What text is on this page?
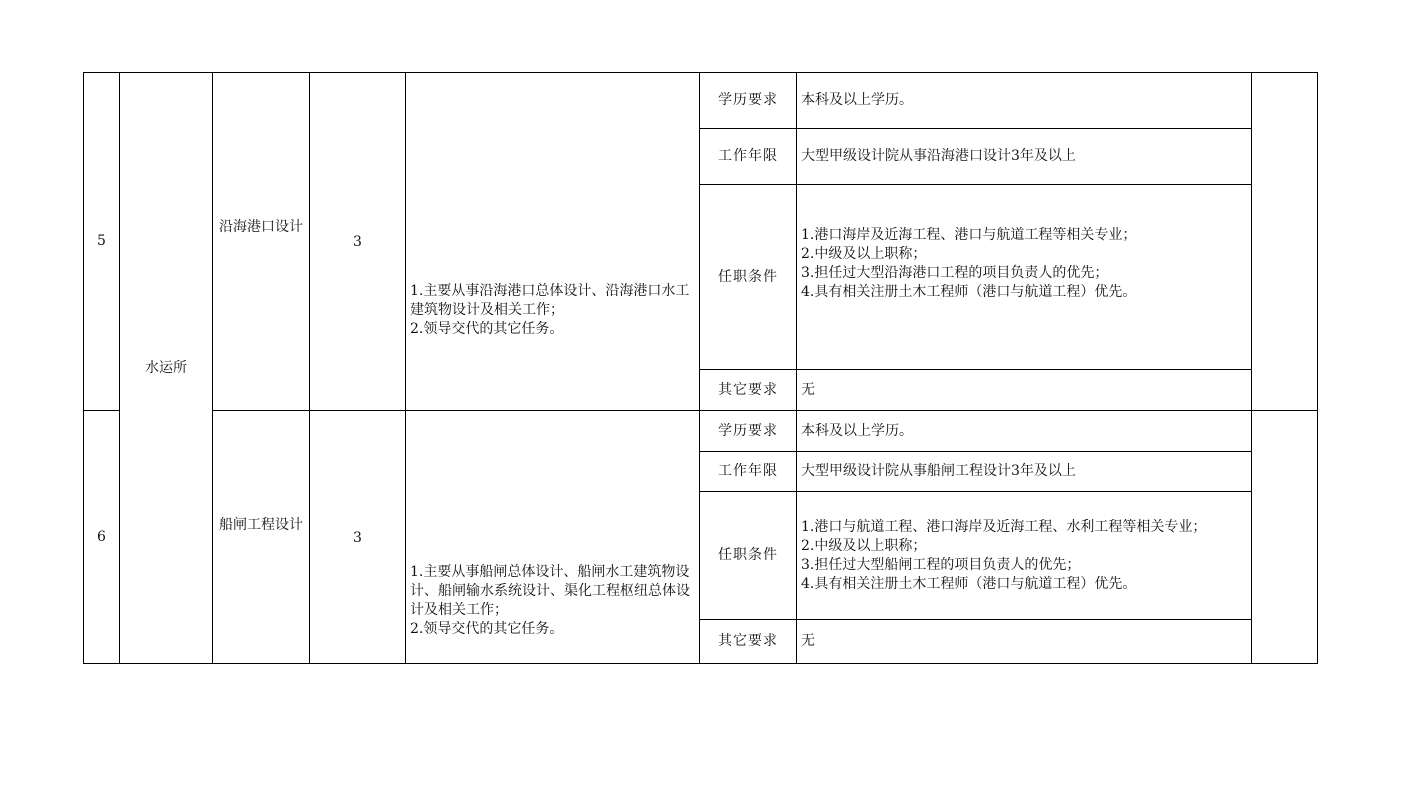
5	水运所	沿海港口设计	3	1.主要从事沿海港口总体设计、沿海港口水工建筑物设计及相关工作；
2.领导交代的其它任务。	学历要求	本科及以上学历。	

					工作年限	大型甲级设计院从事沿海港口设计3年及以上	

					任职条件	1.港口海岸及近海工程、港口与航道工程等相关专业；
2.中级及以上职称；
3.担任过大型沿海港口工程的项目负责人的优先；
4.具有相关注册土木工程师（港口与航道工程）优先。	

					其它要求	无	

6		船闸工程设计	3	1.主要从事船闸总体设计、船闸水工建筑物设计、船闸输水系统设计、渠化工程枢纽总体设计及相关工作；
2.领导交代的其它任务。	学历要求	本科及以上学历。	

					工作年限	大型甲级设计院从事船闸工程设计3年及以上	

					任职条件	1.港口与航道工程、港口海岸及近海工程、水利工程等相关专业；
2.中级及以上职称；
3.担任过大型船闸工程的项目负责人的优先；
4.具有相关注册土木工程师（港口与航道工程）优先。	

					其它要求	无	
